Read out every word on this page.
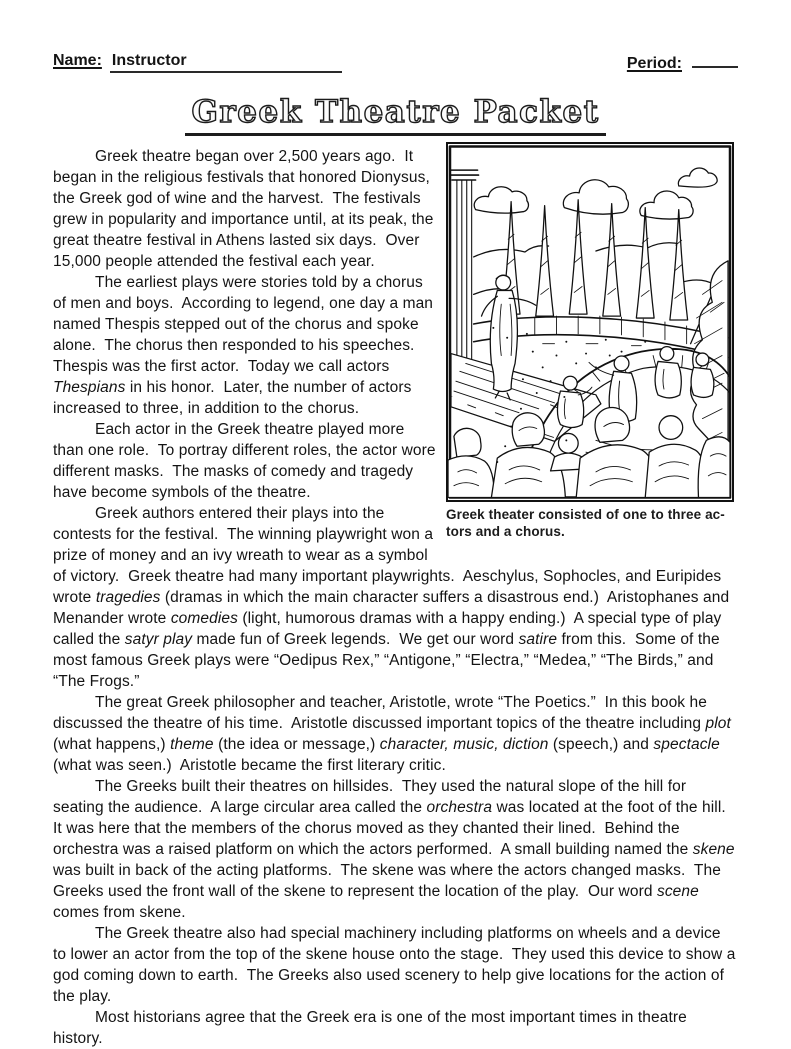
Name: Instructor	Period:
Greek Theatre Packet
Greek theater consisted of one to three ac-
tors and a chorus.

Greek theatre began over 2,500 years ago.  It began in the religious festivals that honored Dionysus, the Greek god of wine and the harvest.  The festivals grew in popularity and importance until, at its peak, the great theatre festival in Athens lasted six days.  Over 15,000 people attended the festival each year.

The earliest plays were stories told by a chorus of men and boys.  According to legend, one day a man named Thespis stepped out of the chorus and spoke alone.  The chorus then responded to his speeches.  Thespis was the first actor.  Today we call actors Thespians in his honor.  Later, the number of actors increased to three, in addition to the chorus.

Each actor in the Greek theatre played more than one role.  To portray different roles, the actor wore different masks.  The masks of comedy and tragedy have become symbols of the theatre.

Greek authors entered their plays into the contests for the festival.  The winning playwright won a prize of money and an ivy wreath to wear as a symbol of victory.  Greek theatre had many important playwrights.  Aeschylus, Sophocles, and Euripides wrote tragedies (dramas in which the main character suffers a disastrous end.)  Aristophanes and Menander wrote comedies (light, humorous dramas with a happy ending.)  A special type of play called the satyr play made fun of Greek legends.  We get our word satire from this.  Some of the most famous Greek plays were “Oedipus Rex,” “Antigone,” “Electra,” “Medea,” “The Birds,” and “The Frogs.”

The great Greek philosopher and teacher, Aristotle, wrote “The Poetics.”  In this book he discussed the theatre of his time.  Aristotle discussed important topics of the theatre including plot (what happens,) theme (the idea or message,) character, music, diction (speech,) and spectacle (what was seen.)  Aristotle became the first literary critic.

The Greeks built their theatres on hillsides.  They used the natural slope of the hill for seating the audience.  A large circular area called the orchestra was located at the foot of the hill.  It was here that the members of the chorus moved as they chanted their lined.  Behind the orchestra was a raised platform on which the actors performed.  A small building named the skene was built in back of the acting platforms.  The skene was where the actors changed masks.  The Greeks used the front wall of the skene to represent the location of the play.  Our word scene comes from skene.

The Greek theatre also had special machinery including platforms on wheels and a device to lower an actor from the top of the skene house onto the stage.  They used this device to show a god coming down to earth.  The Greeks also used scenery to help give locations for the action of the play.

Most historians agree that the Greek era is one of the most important times in theatre history.
